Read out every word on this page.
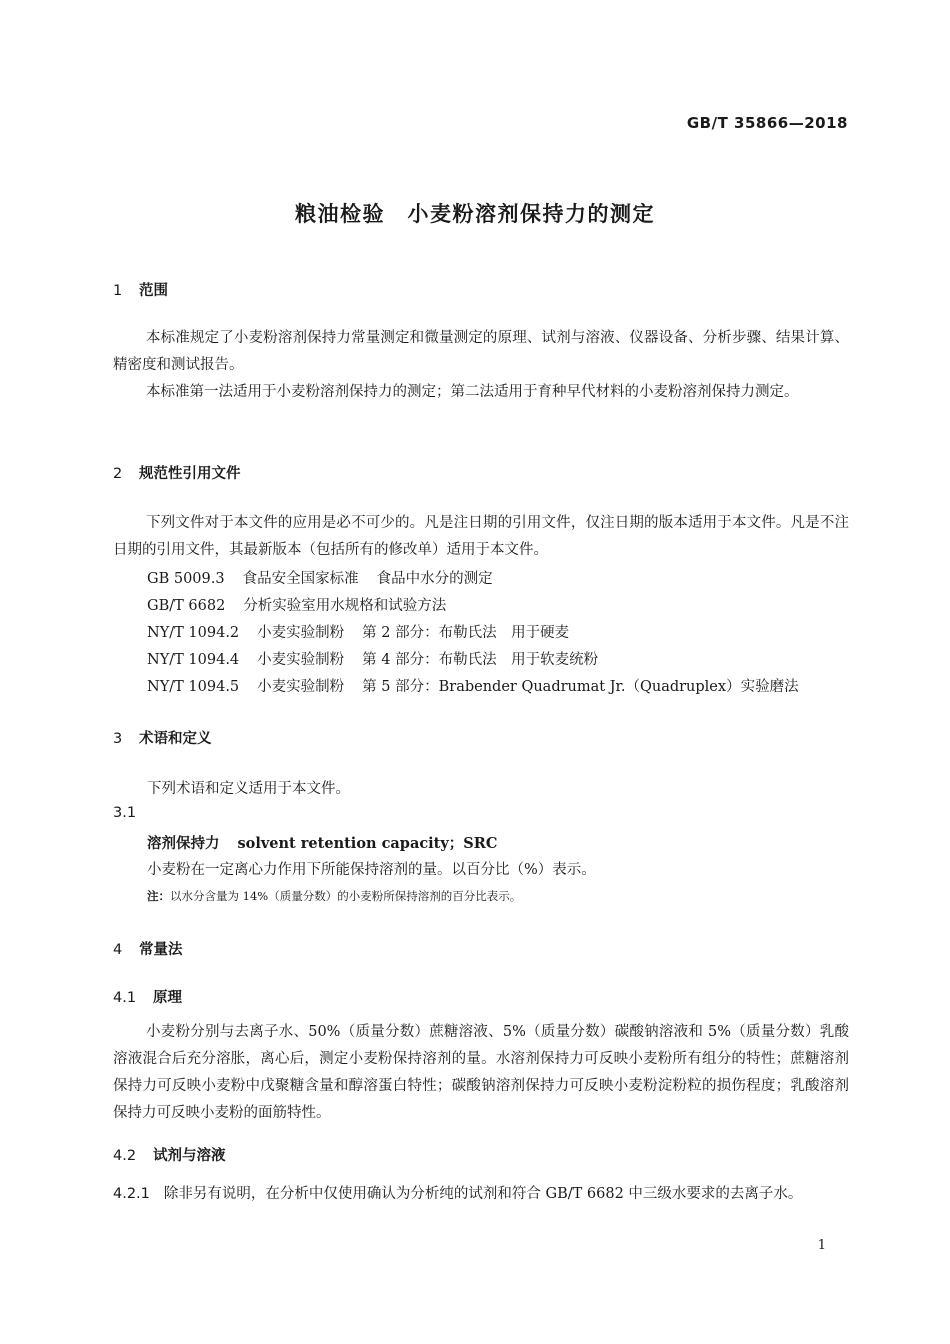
GB/T 35866—2018
粮油检验　小麦粉溶剂保持力的测定
1 范围
本标准规定了小麦粉溶剂保持力常量测定和微量测定的原理、试剂与溶液、仪器设备、分析步骤、结果计算、精密度和测试报告。
本标准第一法适用于小麦粉溶剂保持力的测定；第二法适用于育种早代材料的小麦粉溶剂保持力测定。
2 规范性引用文件
下列文件对于本文件的应用是必不可少的。凡是注日期的引用文件，仅注日期的版本适用于本文件。凡是不注日期的引用文件，其最新版本（包括所有的修改单）适用于本文件。
GB 5009.3 食品安全国家标准 食品中水分的测定
GB/T 6682 分析实验室用水规格和试验方法
NY/T 1094.2 小麦实验制粉 第 2 部分：布勒氏法　用于硬麦
NY/T 1094.4 小麦实验制粉 第 4 部分：布勒氏法　用于软麦统粉
NY/T 1094.5 小麦实验制粉 第 5 部分：Brabender Quadrumat Jr.（Quadruplex）实验磨法
3 术语和定义
下列术语和定义适用于本文件。
3.1
溶剂保持力 solvent retention capacity；SRC
小麦粉在一定离心力作用下所能保持溶剂的量。以百分比（%）表示。
注：以水分含量为 14%（质量分数）的小麦粉所保持溶剂的百分比表示。
4 常量法
4.1 原理
小麦粉分别与去离子水、50%（质量分数）蔗糖溶液、5%（质量分数）碳酸钠溶液和 5%（质量分数）乳酸溶液混合后充分溶胀，离心后，测定小麦粉保持溶剂的量。水溶剂保持力可反映小麦粉所有组分的特性；蔗糖溶剂保持力可反映小麦粉中戊聚糖含量和醇溶蛋白特性；碳酸钠溶剂保持力可反映小麦粉淀粉粒的损伤程度；乳酸溶剂保持力可反映小麦粉的面筋特性。
4.2 试剂与溶液
4.2.1 除非另有说明，在分析中仅使用确认为分析纯的试剂和符合 GB/T 6682 中三级水要求的去离子水。
1
